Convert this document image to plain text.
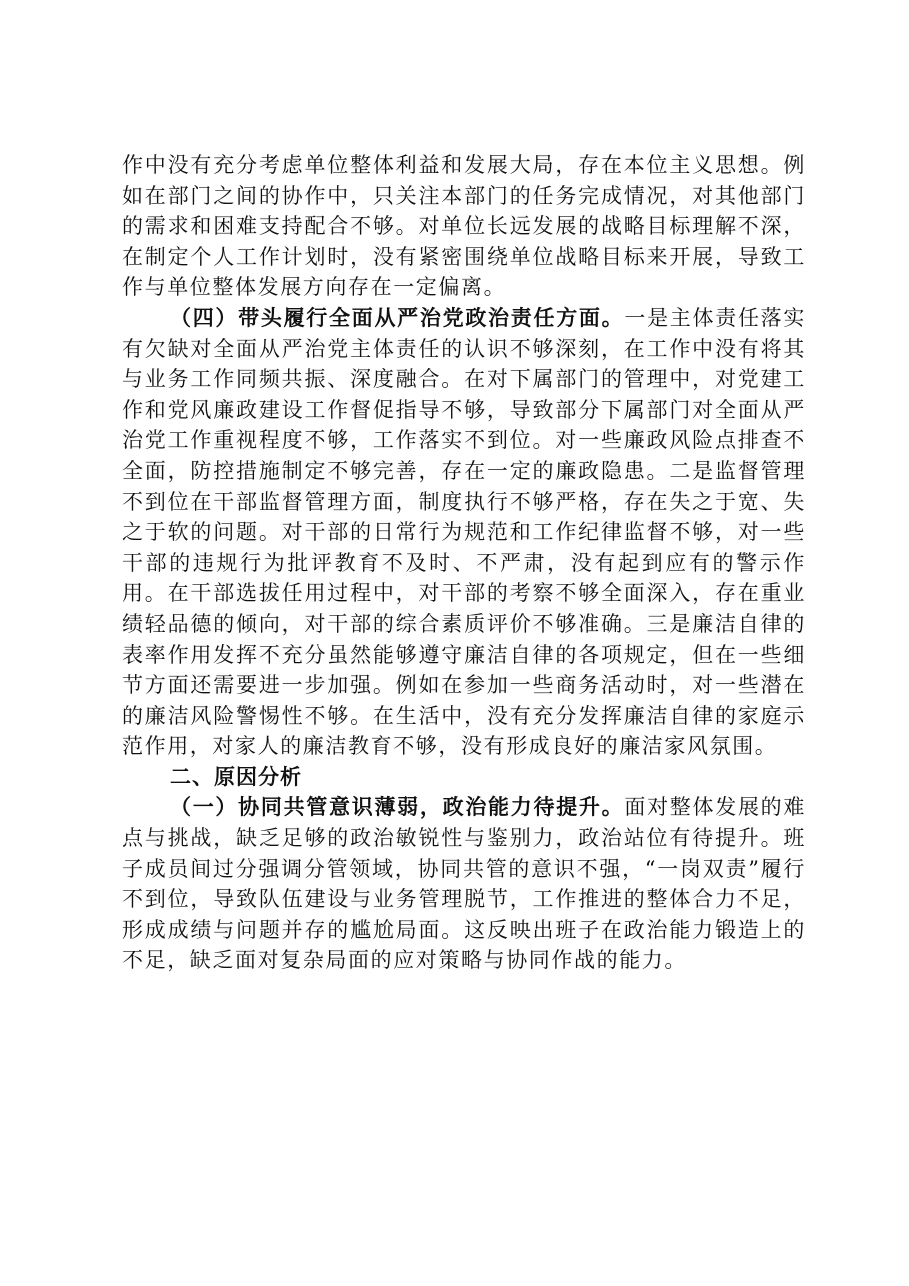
作中没有充分考虑单位整体利益和发展大局，存在本位主义思想。例如在部门之间的协作中，只关注本部门的任务完成情况，对其他部门的需求和困难支持配合不够。对单位长远发展的战略目标理解不深，在制定个人工作计划时，没有紧密围绕单位战略目标来开展，导致工作与单位整体发展方向存在一定偏离。

（四）带头履行全面从严治党政治责任方面。一是主体责任落实有欠缺对全面从严治党主体责任的认识不够深刻，在工作中没有将其与业务工作同频共振、深度融合。在对下属部门的管理中，对党建工作和党风廉政建设工作督促指导不够，导致部分下属部门对全面从严治党工作重视程度不够，工作落实不到位。对一些廉政风险点排查不全面，防控措施制定不够完善，存在一定的廉政隐患。二是监督管理不到位在干部监督管理方面，制度执行不够严格，存在失之于宽、失之于软的问题。对干部的日常行为规范和工作纪律监督不够，对一些干部的违规行为批评教育不及时、不严肃，没有起到应有的警示作用。在干部选拔任用过程中，对干部的考察不够全面深入，存在重业绩轻品德的倾向，对干部的综合素质评价不够准确。三是廉洁自律的表率作用发挥不充分虽然能够遵守廉洁自律的各项规定，但在一些细节方面还需要进一步加强。例如在参加一些商务活动时，对一些潜在的廉洁风险警惕性不够。在生活中，没有充分发挥廉洁自律的家庭示范作用，对家人的廉洁教育不够，没有形成良好的廉洁家风氛围。

二、原因分析

（一）协同共管意识薄弱，政治能力待提升。面对整体发展的难点与挑战，缺乏足够的政治敏锐性与鉴别力，政治站位有待提升。班子成员间过分强调分管领域，协同共管的意识不强，“一岗双责”履行不到位，导致队伍建设与业务管理脱节，工作推进的整体合力不足，形成成绩与问题并存的尴尬局面。这反映出班子在政治能力锻造上的不足，缺乏面对复杂局面的应对策略与协同作战的能力。
